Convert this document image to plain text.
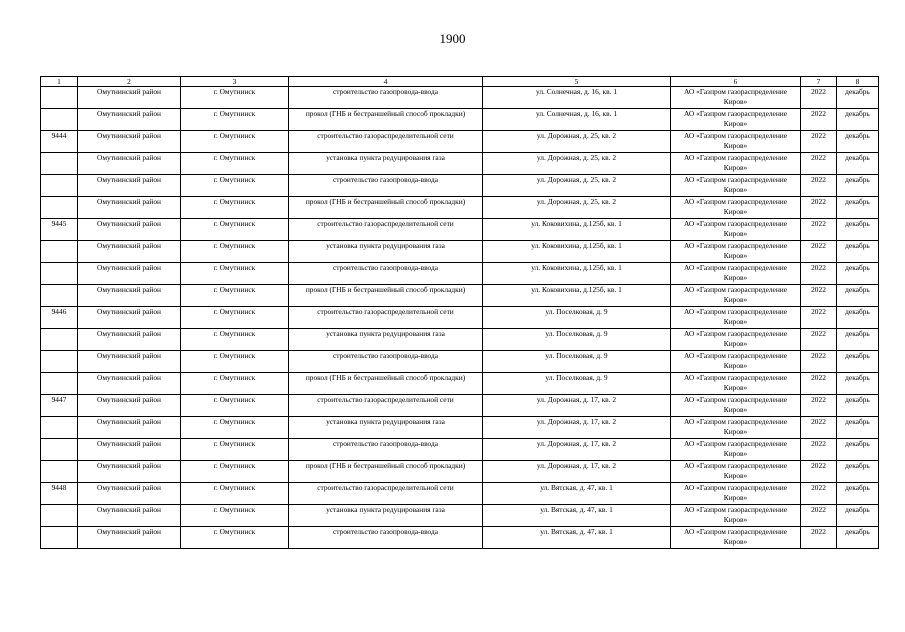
1900
1	2	3	4	5	6	7	8
	Омутнинский район	г. Омутнинск	строительство газопровода-ввода	ул. Солнечная, д. 16, кв. 1	АО «Газпром газораспределение Киров»	2022	декабрь
	Омутнинский район	г. Омутнинск	прокол (ГНБ и бестраншейный способ прокладки)	ул. Солнечная, д. 16, кв. 1	АО «Газпром газораспределение Киров»	2022	декабрь
9444	Омутнинский район	г. Омутнинск	строительство газораспределительной сети	ул. Дорожная, д. 25, кв. 2	АО «Газпром газораспределение Киров»	2022	декабрь
	Омутнинский район	г. Омутнинск	установка пункта редуцирования газа	ул. Дорожная, д. 25, кв. 2	АО «Газпром газораспределение Киров»	2022	декабрь
	Омутнинский район	г. Омутнинск	строительство газопровода-ввода	ул. Дорожная, д. 25, кв. 2	АО «Газпром газораспределение Киров»	2022	декабрь
	Омутнинский район	г. Омутнинск	прокол (ГНБ и бестраншейный способ прокладки)	ул. Дорожная, д. 25, кв. 2	АО «Газпром газораспределение Киров»	2022	декабрь
9445	Омутнинский район	г. Омутнинск	строительство газораспределительной сети	ул. Коковихина, д.125б, кв. 1	АО «Газпром газораспределение Киров»	2022	декабрь
	Омутнинский район	г. Омутнинск	установка пункта редуцирования газа	ул. Коковихина, д.125б, кв. 1	АО «Газпром газораспределение Киров»	2022	декабрь
	Омутнинский район	г. Омутнинск	строительство газопровода-ввода	ул. Коковихина, д.125б, кв. 1	АО «Газпром газораспределение Киров»	2022	декабрь
	Омутнинский район	г. Омутнинск	прокол (ГНБ и бестраншейный способ прокладки)	ул. Коковихина, д.125б, кв. 1	АО «Газпром газораспределение Киров»	2022	декабрь
9446	Омутнинский район	г. Омутнинск	строительство газораспределительной сети	ул. Поселковая, д. 9	АО «Газпром газораспределение Киров»	2022	декабрь
	Омутнинский район	г. Омутнинск	установка пункта редуцирования газа	ул. Поселковая, д. 9	АО «Газпром газораспределение Киров»	2022	декабрь
	Омутнинский район	г. Омутнинск	строительство газопровода-ввода	ул. Поселковая, д. 9	АО «Газпром газораспределение Киров»	2022	декабрь
	Омутнинский район	г. Омутнинск	прокол (ГНБ и бестраншейный способ прокладки)	ул. Поселковая, д. 9	АО «Газпром газораспределение Киров»	2022	декабрь
9447	Омутнинский район	г. Омутнинск	строительство газораспределительной сети	ул. Дорожная, д. 17, кв. 2	АО «Газпром газораспределение Киров»	2022	декабрь
	Омутнинский район	г. Омутнинск	установка пункта редуцирования газа	ул. Дорожная, д. 17, кв. 2	АО «Газпром газораспределение Киров»	2022	декабрь
	Омутнинский район	г. Омутнинск	строительство газопровода-ввода	ул. Дорожная, д. 17, кв. 2	АО «Газпром газораспределение Киров»	2022	декабрь
	Омутнинский район	г. Омутнинск	прокол (ГНБ и бестраншейный способ прокладки)	ул. Дорожная, д. 17, кв. 2	АО «Газпром газораспределение Киров»	2022	декабрь
9448	Омутнинский район	г. Омутнинск	строительство газораспределительной сети	ул. Вятская, д. 47, кв. 1	АО «Газпром газораспределение Киров»	2022	декабрь
	Омутнинский район	г. Омутнинск	установка пункта редуцирования газа	ул. Вятская, д. 47, кв. 1	АО «Газпром газораспределение Киров»	2022	декабрь
	Омутнинский район	г. Омутнинск	строительство газопровода-ввода	ул. Вятская, д. 47, кв. 1	АО «Газпром газораспределение Киров»	2022	декабрь
